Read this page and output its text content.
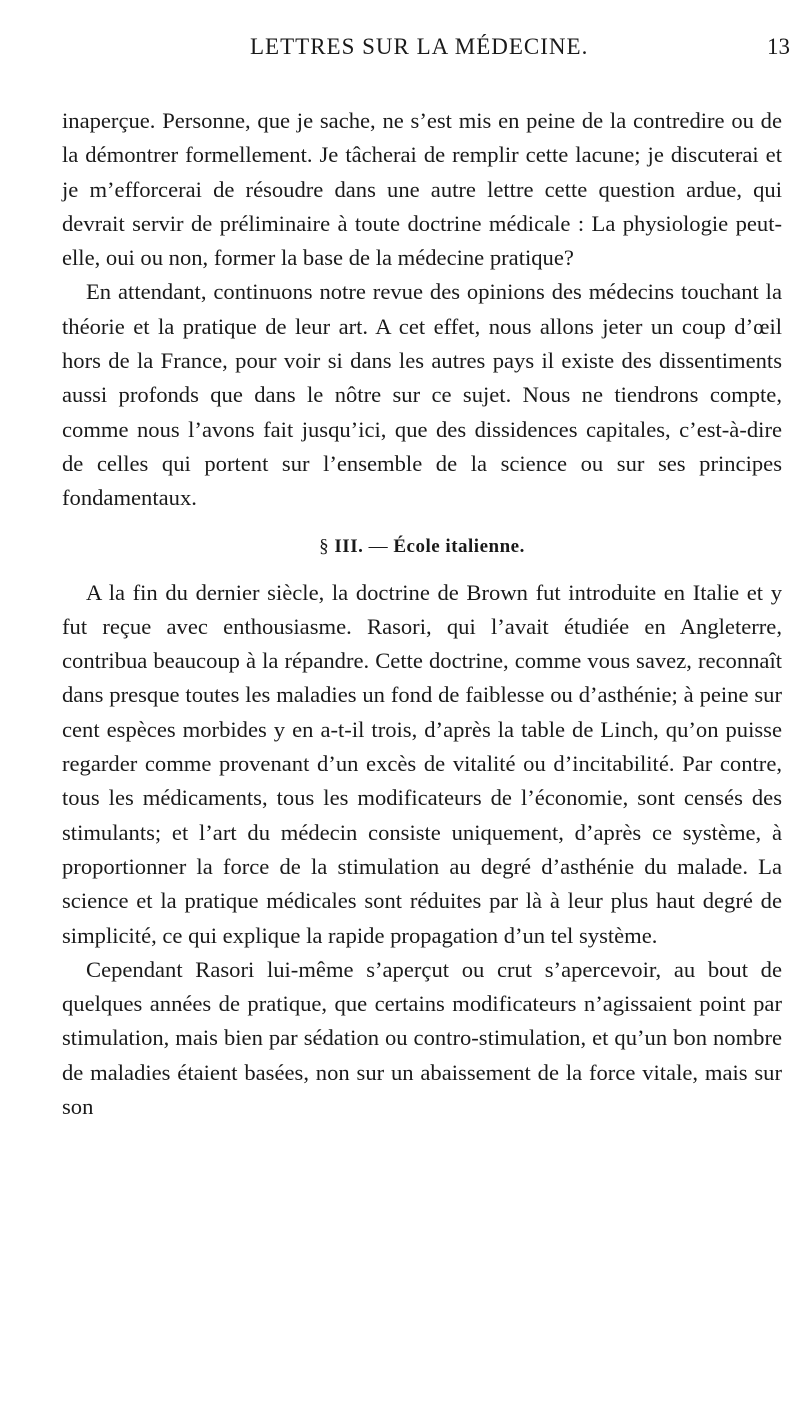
LETTRES SUR LA MÉDECINE.	13

inaperçue. Personne, que je sache, ne s’est mis en peine de la contredire ou de la démontrer formellement. Je tâcherai de remplir cette lacune; je discuterai et je m’efforcerai de résoudre dans une autre lettre cette question ardue, qui devrait servir de préliminaire à toute doctrine médicale : La physiologie peut-elle, oui ou non, former la base de la médecine pratique?

En attendant, continuons notre revue des opinions des médecins touchant la théorie et la pratique de leur art. A cet effet, nous allons jeter un coup d’œil hors de la France, pour voir si dans les autres pays il existe des dissentiments aussi profonds que dans le nôtre sur ce sujet. Nous ne tiendrons compte, comme nous l’avons fait jusqu’ici, que des dissidences capitales, c’est-à-dire de celles qui portent sur l’ensemble de la science ou sur ses principes fondamentaux.

§ III. — École italienne.

A la fin du dernier siècle, la doctrine de Brown fut introduite en Italie et y fut reçue avec enthousiasme. Rasori, qui l’avait étudiée en Angleterre, contribua beaucoup à la répandre. Cette doctrine, comme vous savez, reconnaît dans presque toutes les maladies un fond de faiblesse ou d’asthénie; à peine sur cent espèces morbides y en a-t-il trois, d’après la table de Linch, qu’on puisse regarder comme provenant d’un excès de vitalité ou d’incitabilité. Par contre, tous les médicaments, tous les modificateurs de l’économie, sont censés des stimulants; et l’art du médecin consiste uniquement, d’après ce système, à proportionner la force de la stimulation au degré d’asthénie du malade. La science et la pratique médicales sont réduites par là à leur plus haut degré de simplicité, ce qui explique la rapide propagation d’un tel système.

Cependant Rasori lui-même s’aperçut ou crut s’apercevoir, au bout de quelques années de pratique, que certains modificateurs n’agissaient point par stimulation, mais bien par sédation ou contro-stimulation, et qu’un bon nombre de maladies étaient basées, non sur un abaissement de la force vitale, mais sur son
